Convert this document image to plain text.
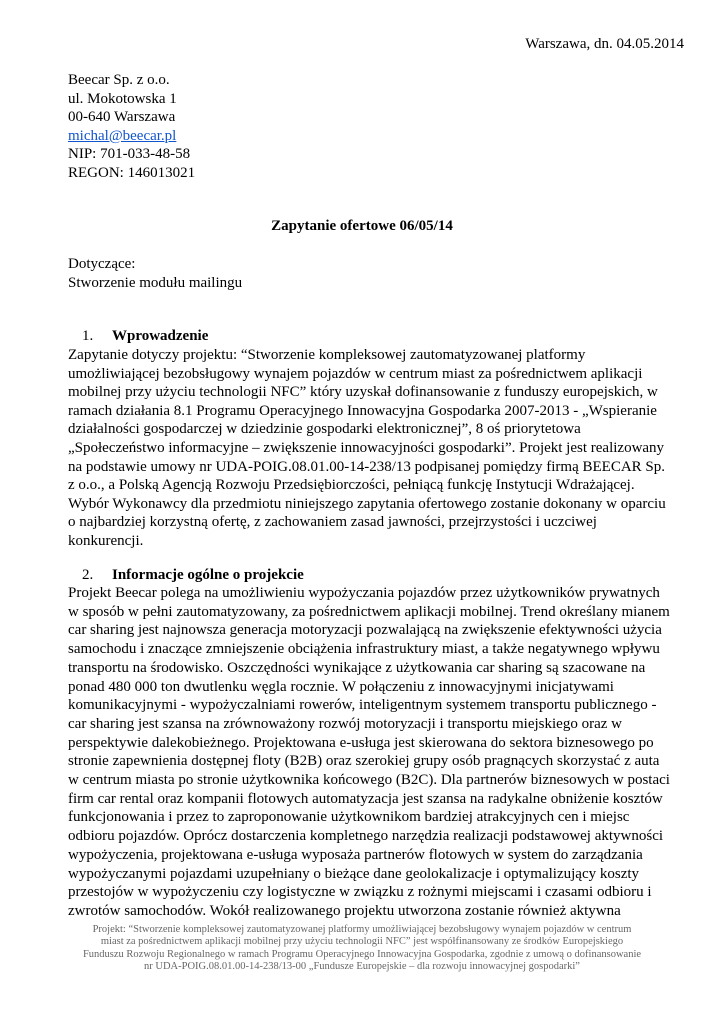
Warszawa, dn. 04.05.2014
Beecar Sp. z o.o.
ul. Mokotowska 1
00-640 Warszawa
michal@beecar.pl
NIP: 701-033-48-58
REGON: 146013021
Zapytanie ofertowe 06/05/14
Dotyczące:
Stworzenie modułu mailingu
1. Wprowadzenie
Zapytanie dotyczy projektu: “Stworzenie kompleksowej zautomatyzowanej platformy
umożliwiającej bezobsługowy wynajem pojazdów w centrum miast za pośrednictwem aplikacji
mobilnej przy użyciu technologii NFC” który uzyskał dofinansowanie z funduszy europejskich, w
ramach działania 8.1 Programu Operacyjnego Innowacyjna Gospodarka 2007-2013 - „Wspieranie
działalności gospodarczej w dziedzinie gospodarki elektronicznej”, 8 oś priorytetowa
„Społeczeństwo informacyjne – zwiększenie innowacyjności gospodarki”. Projekt jest realizowany
na podstawie umowy nr UDA-POIG.08.01.00-14-238/13 podpisanej pomiędzy firmą BEECAR Sp.
z o.o., a Polską Agencją Rozwoju Przedsiębiorczości, pełniącą funkcję Instytucji Wdrażającej.
Wybór Wykonawcy dla przedmiotu niniejszego zapytania ofertowego zostanie dokonany w oparciu
o najbardziej korzystną ofertę, z zachowaniem zasad jawności, przejrzystości i uczciwej
konkurencji.
2. Informacje ogólne o projekcie
Projekt Beecar polega na umożliwieniu wypożyczania pojazdów przez użytkowników prywatnych
w sposób w pełni zautomatyzowany, za pośrednictwem aplikacji mobilnej. Trend określany mianem
car sharing jest najnowsza generacja motoryzacji pozwalającą na zwiększenie efektywności użycia
samochodu i znaczące zmniejszenie obciążenia infrastruktury miast, a także negatywnego wpływu
transportu na środowisko. Oszczędności wynikające z użytkowania car sharing są szacowane na
ponad 480 000 ton dwutlenku węgla rocznie. W połączeniu z innowacyjnymi inicjatywami
komunikacyjnymi - wypożyczalniami rowerów, inteligentnym systemem transportu publicznego -
car sharing jest szansa na zrównoważony rozwój motoryzacji i transportu miejskiego oraz w
perspektywie dalekobieżnego. Projektowana e-usługa jest skierowana do sektora biznesowego po
stronie zapewnienia dostępnej floty (B2B) oraz szerokiej grupy osób pragnących skorzystać z auta
w centrum miasta po stronie użytkownika końcowego (B2C). Dla partnerów biznesowych w postaci
firm car rental oraz kompanii flotowych automatyzacja jest szansa na radykalne obniżenie kosztów
funkcjonowania i przez to zaproponowanie użytkownikom bardziej atrakcyjnych cen i miejsc
odbioru pojazdów. Oprócz dostarczenia kompletnego narzędzia realizacji podstawowej aktywności
wypożyczenia, projektowana e-usługa wyposaża partnerów flotowych w system do zarządzania
wypożyczanymi pojazdami uzupełniany o bieżące dane geolokalizacje i optymalizujący koszty
przestojów w wypożyczeniu czy logistyczne w związku z rożnymi miejscami i czasami odbioru i
zwrotów samochodów. Wokół realizowanego projektu utworzona zostanie również aktywna
Projekt: “Stworzenie kompleksowej zautomatyzowanej platformy umożliwiającej bezobsługowy wynajem pojazdów w centrum
miast za pośrednictwem aplikacji mobilnej przy użyciu technologii NFC” jest współfinansowany ze środków Europejskiego
Funduszu Rozwoju Regionalnego w ramach Programu Operacyjnego Innowacyjna Gospodarka, zgodnie z umową o dofinansowanie
nr UDA-POIG.08.01.00-14-238/13-00 „Fundusze Europejskie – dla rozwoju innowacyjnej gospodarki”
